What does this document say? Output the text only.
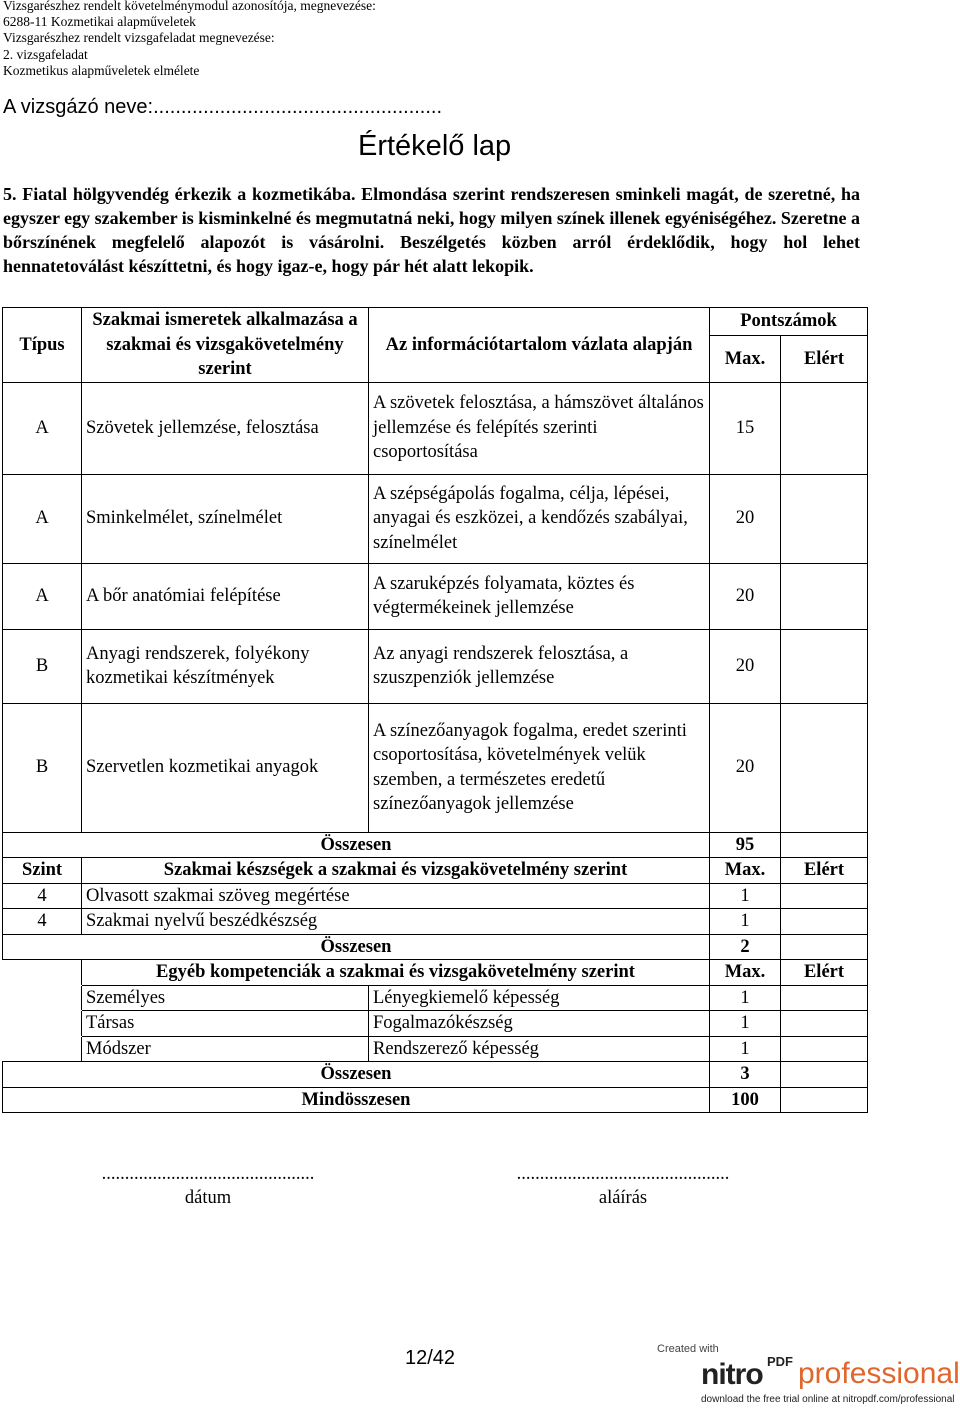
Vizsgarészhez rendelt követelménymodul azonosítója, megnevezése:
6288-11 Kozmetikai alapműveletek
Vizsgarészhez rendelt vizsgafeladat megnevezése:
2. vizsgafeladat
Kozmetikus alapműveletek elmélete
A vizsgázó neve:....................................................
Értékelő lap
5. Fiatal hölgyvendég érkezik a kozmetikába. Elmondása szerint rendszeresen sminkeli magát, de szeretné, ha egyszer egy szakember is kisminkelné és megmutatná neki, hogy milyen színek illenek egyéniségéhez. Szeretne a bőrszínének megfelelő alapozót is vásárolni. Beszélgetés közben arról érdeklődik, hogy hol lehet hennatetoválást készíttetni, és hogy igaz-e, hogy pár hét alatt lekopik.
Típus	Szakmai ismeretek alkalmazása a szakmai és vizsgakövetelmény szerint	Az információtartalom vázlata alapján	Pontszámok	
			Max.	Elért
A	Szövetek jellemzése, felosztása	A szövetek felosztása, a hámszövet általános jellemzése és felépítés szerinti csoportosítása	15	
A	Sminkelmélet, színelmélet	A szépségápolás fogalma, célja, lépései, anyagai és eszközei, a kendőzés szabályai, színelmélet	20	
A	A bőr anatómiai felépítése	A szaruképzés folyamata, köztes és végtermékeinek jellemzése	20	
B	Anyagi rendszerek, folyékony kozmetikai készítmények	Az anyagi rendszerek felosztása, a szuszpenziók jellemzése	20	
B	Szervetlen kozmetikai anyagok	A színezőanyagok fogalma, eredet szerinti csoportosítása, követelmények velük szemben, a természetes eredetű színezőanyagok jellemzése	20	
Összesen			95	
Szint	Szakmai készségek a szakmai és vizsgakövetelmény szerint		Max.	Elért
4	Olvasott szakmai szöveg megértése		1	
4	Szakmai nyelvű beszédkészség		1	
Összesen			2	
	Egyéb kompetenciák a szakmai és vizsgakövetelmény szerint		Max.	Elért
	Személyes	Lényegkiemelő képesség	1	
	Társas	Fogalmazókészség	1	
	Módszer	Rendszerező képesség	1	
Összesen			3	
Mindösszesen			100	
..............................................
dátum
..............................................
aláírás
12/42	Created with
nitro PDF professional
download the free trial online at nitropdf.com/professional
